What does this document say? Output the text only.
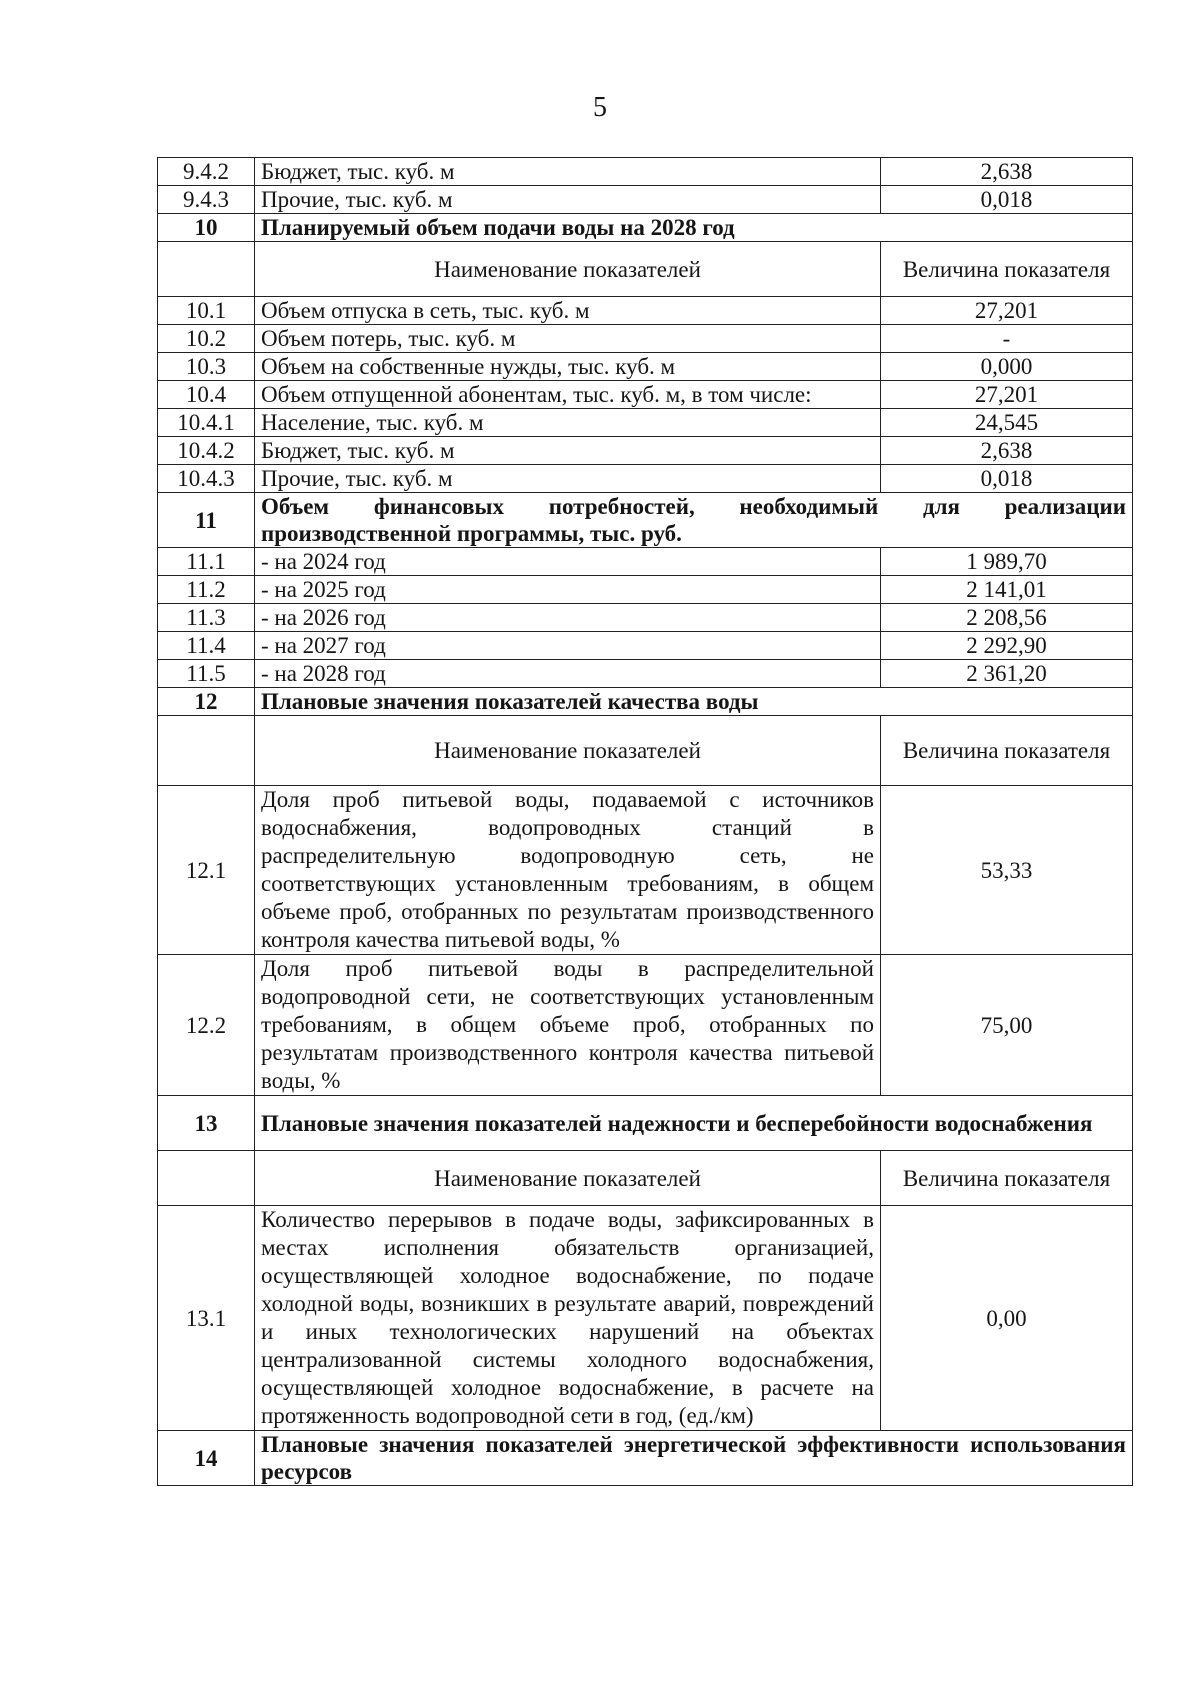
5
9.4.2	Бюджет, тыс. куб. м	2,638
9.4.3	Прочие, тыс. куб. м	0,018
10	Планируемый объем подачи воды на 2028 год	
	Наименование показателей	Величина показателя
10.1	Объем отпуска в сеть, тыс. куб. м	27,201
10.2	Объем потерь, тыс. куб. м	-
10.3	Объем на собственные нужды, тыс. куб. м	0,000
10.4	Объем отпущенной абонентам, тыс. куб. м, в том числе:	27,201
10.4.1	Население, тыс. куб. м	24,545
10.4.2	Бюджет, тыс. куб. м	2,638
10.4.3	Прочие, тыс. куб. м	0,018
11	Объем финансовых потребностей, необходимый для реализации производственной программы, тыс. руб.	
11.1	- на 2024 год	1 989,70
11.2	- на 2025 год	2 141,01
11.3	- на 2026 год	2 208,56
11.4	- на 2027 год	2 292,90
11.5	- на 2028 год	2 361,20
12	Плановые значения показателей качества воды	
	Наименование показателей	Величина показателя
12.1	Доля проб питьевой воды, подаваемой с источников водоснабжения, водопроводных станций в распределительную водопроводную сеть, не соответствующих установленным требованиям, в общем объеме проб, отобранных по результатам производственного контроля качества питьевой воды, %	53,33
12.2	Доля проб питьевой воды в распределительной водопроводной сети, не соответствующих установленным требованиям, в общем объеме проб, отобранных по результатам производственного контроля качества питьевой воды, %	75,00
13	Плановые значения показателей надежности и бесперебойности водоснабжения	
	Наименование показателей	Величина показателя
13.1	Количество перерывов в подаче воды, зафиксированных в местах исполнения обязательств организацией, осуществляющей холодное водоснабжение, по подаче холодной воды, возникших в результате аварий, повреждений и иных технологических нарушений на объектах централизованной системы холодного водоснабжения, осуществляющей холодное водоснабжение, в расчете на протяженность водопроводной сети в год, (ед./км)	0,00
14	Плановые значения показателей энергетической эффективности использования ресурсов	
